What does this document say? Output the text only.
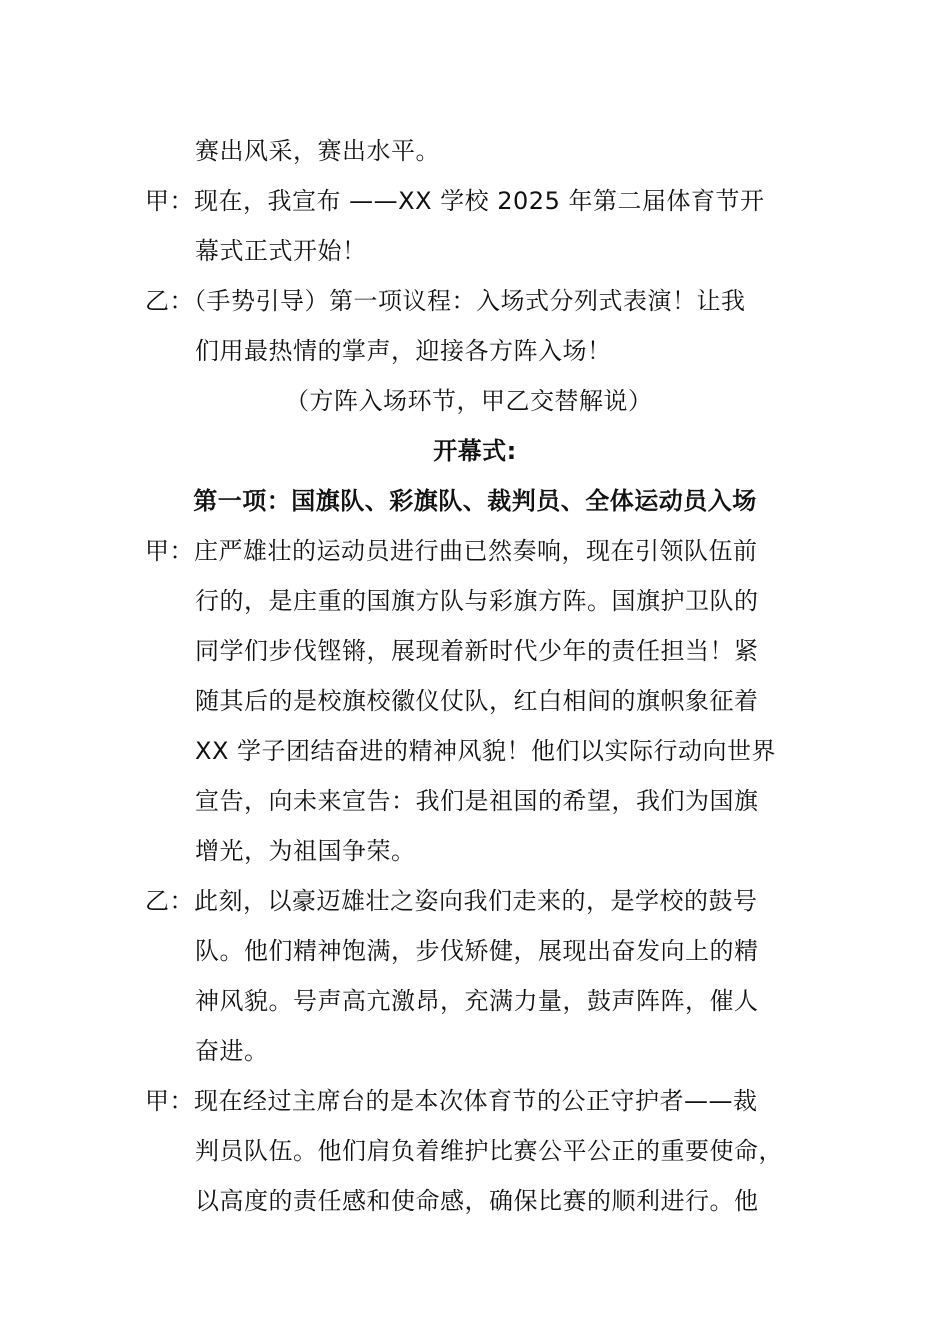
赛出风采，赛出水平。
甲：现在，我宣布 ——XX 学校 2025 年第二届体育节开
幕式正式开始！
乙：（手势引导）第一项议程：入场式分列式表演！让我
们用最热情的掌声，迎接各方阵入场！
（方阵入场环节，甲乙交替解说）
开幕式:
第一项：国旗队、彩旗队、裁判员、全体运动员入场
甲：庄严雄壮的运动员进行曲已然奏响，现在引领队伍前
行的，是庄重的国旗方队与彩旗方阵。国旗护卫队的
同学们步伐铿锵，展现着新时代少年的责任担当！紧
随其后的是校旗校徽仪仗队，红白相间的旗帜象征着
XX 学子团结奋进的精神风貌！他们以实际行动向世界
宣告，向未来宣告：我们是祖国的希望，我们为国旗
增光，为祖国争荣。
乙：此刻，以豪迈雄壮之姿向我们走来的，是学校的鼓号
队。他们精神饱满，步伐矫健，展现出奋发向上的精
神风貌。号声高亢激昂，充满力量，鼓声阵阵，催人
奋进。
甲：现在经过主席台的是本次体育节的公正守护者——裁
判员队伍。他们肩负着维护比赛公平公正的重要使命，
以高度的责任感和使命感，确保比赛的顺利进行。他
